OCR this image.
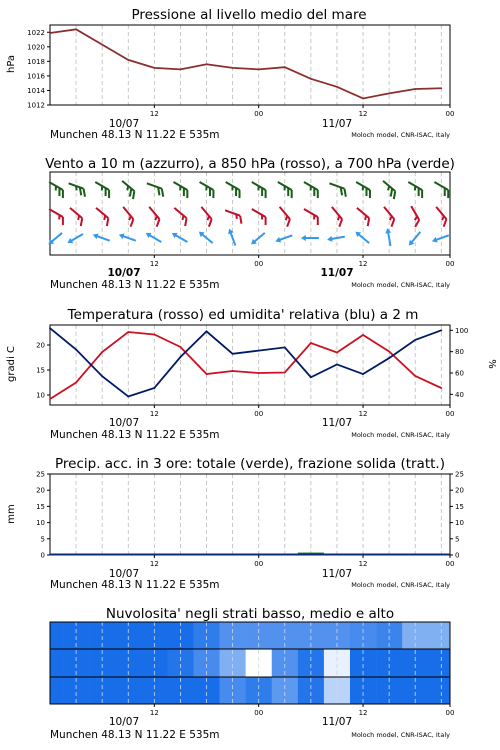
Pressione al livello medio del mare
hPa
1012
1014
1016
1018
1020
1022
12	00	12	00
10/07	11/07
Munchen 48.13 N 11.22 E 535m	Moloch model, CNR-ISAC, Italy
Vento a 10 m (azzurro), a 850 hPa (rosso), a 700 hPa (verde)
12	00	12	00
10/07	11/07
Munchen 48.13 N 11.22 E 535m	Moloch model, CNR-ISAC, Italy
Temperatura (rosso) ed umidita' relativa (blu) a 2 m
gradi C	%
10
15
20
40
60
80
100
12	00	12	00
10/07	11/07
Munchen 48.13 N 11.22 E 535m	Moloch model, CNR-ISAC, Italy
Precip. acc. in 3 ore: totale (verde), frazione solida (tratt.)
mm
0
5
10
15
20
25
0
5
10
15
20
25
12	00	12	00
10/07	11/07
Munchen 48.13 N 11.22 E 535m	Moloch model, CNR-ISAC, Italy
Nuvolosita' negli strati basso, medio e alto
12	00	12	00
10/07	11/07
Munchen 48.13 N 11.22 E 535m	Moloch model, CNR-ISAC, Italy
